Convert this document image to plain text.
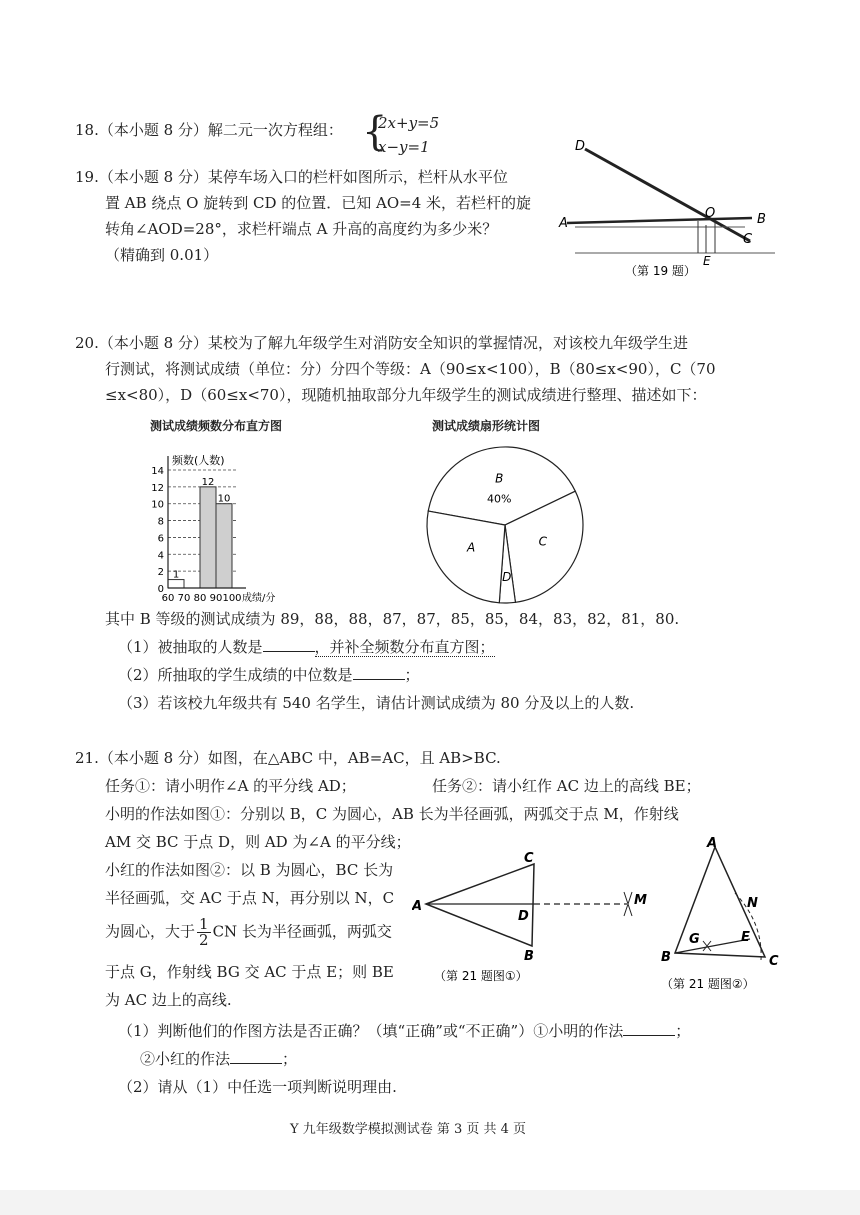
18.（本小题 8 分）解二元一次方程组： {
2x+y=5
x−y=1
19.（本小题 8 分）某停车场入口的栏杆如图所示，栏杆从水平位
置 AB 绕点 O 旋转到 CD 的位置．已知 AO=4 米，若栏杆的旋
转角∠AOD=28°，求栏杆端点 A 升高的高度约为多少米？
（精确到 0.01）
D
O
A	B
C
E
（第 19 题）
20.（本小题 8 分）某校为了解九年级学生对消防安全知识的掌握情况，对该校九年级学生进
行测试，将测试成绩（单位：分）分四个等级：A（90≤x<100），B（80≤x<90），C（70
≤x<80），D（60≤x<70），现随机抽取部分九年级学生的测试成绩进行整理、描述如下：
测试成绩频数分布直方图	测试成绩扇形统计图
1
12
10
0
2
4
6
8
10
12
14
60 70 80 90 100
频数(人数)
成绩/分
B
40%
C
D
A
其中 B 等级的测试成绩为 89，88，88，87，87，85，85，84，83，82，81，80.
（1）被抽取的人数是	，并补全频数分布直方图；
（2）所抽取的学生成绩的中位数是	；
（3）若该校九年级共有 540 名学生，请估计测试成绩为 80 分及以上的人数.
21.（本小题 8 分）如图，在△ABC 中，AB=AC，且 AB>BC.
任务①：请小明作∠A 的平分线 AD；	任务②：请小红作 AC 边上的高线 BE；
小明的作法如图①：分别以 B，C 为圆心，AB 长为半径画弧，两弧交于点 M，作射线
AM 交 BC 于点 D，则 AD 为∠A 的平分线；
小红的作法如图②：以 B 为圆心，BC 长为
半径画弧，交 AC 于点 N，再分别以 N，C
为圆心，大于 $\frac{1}{2}$ CN 长为半径画弧，两弧交
于点 G，作射线 BG 交 AC 于点 E；则 BE
为 AC 边上的高线.
A
C
B
D
M
（第 21 题图①）
A
B	C
N
E
G
（第 21 题图②）
（1）判断他们的作图方法是否正确？（填“正确”或“不正确”）①小明的作法	；
②小红的作法	；
（2）请从（1）中任选一项判断说明理由.
Y 九年级数学模拟测试卷 第 3 页 共 4 页
